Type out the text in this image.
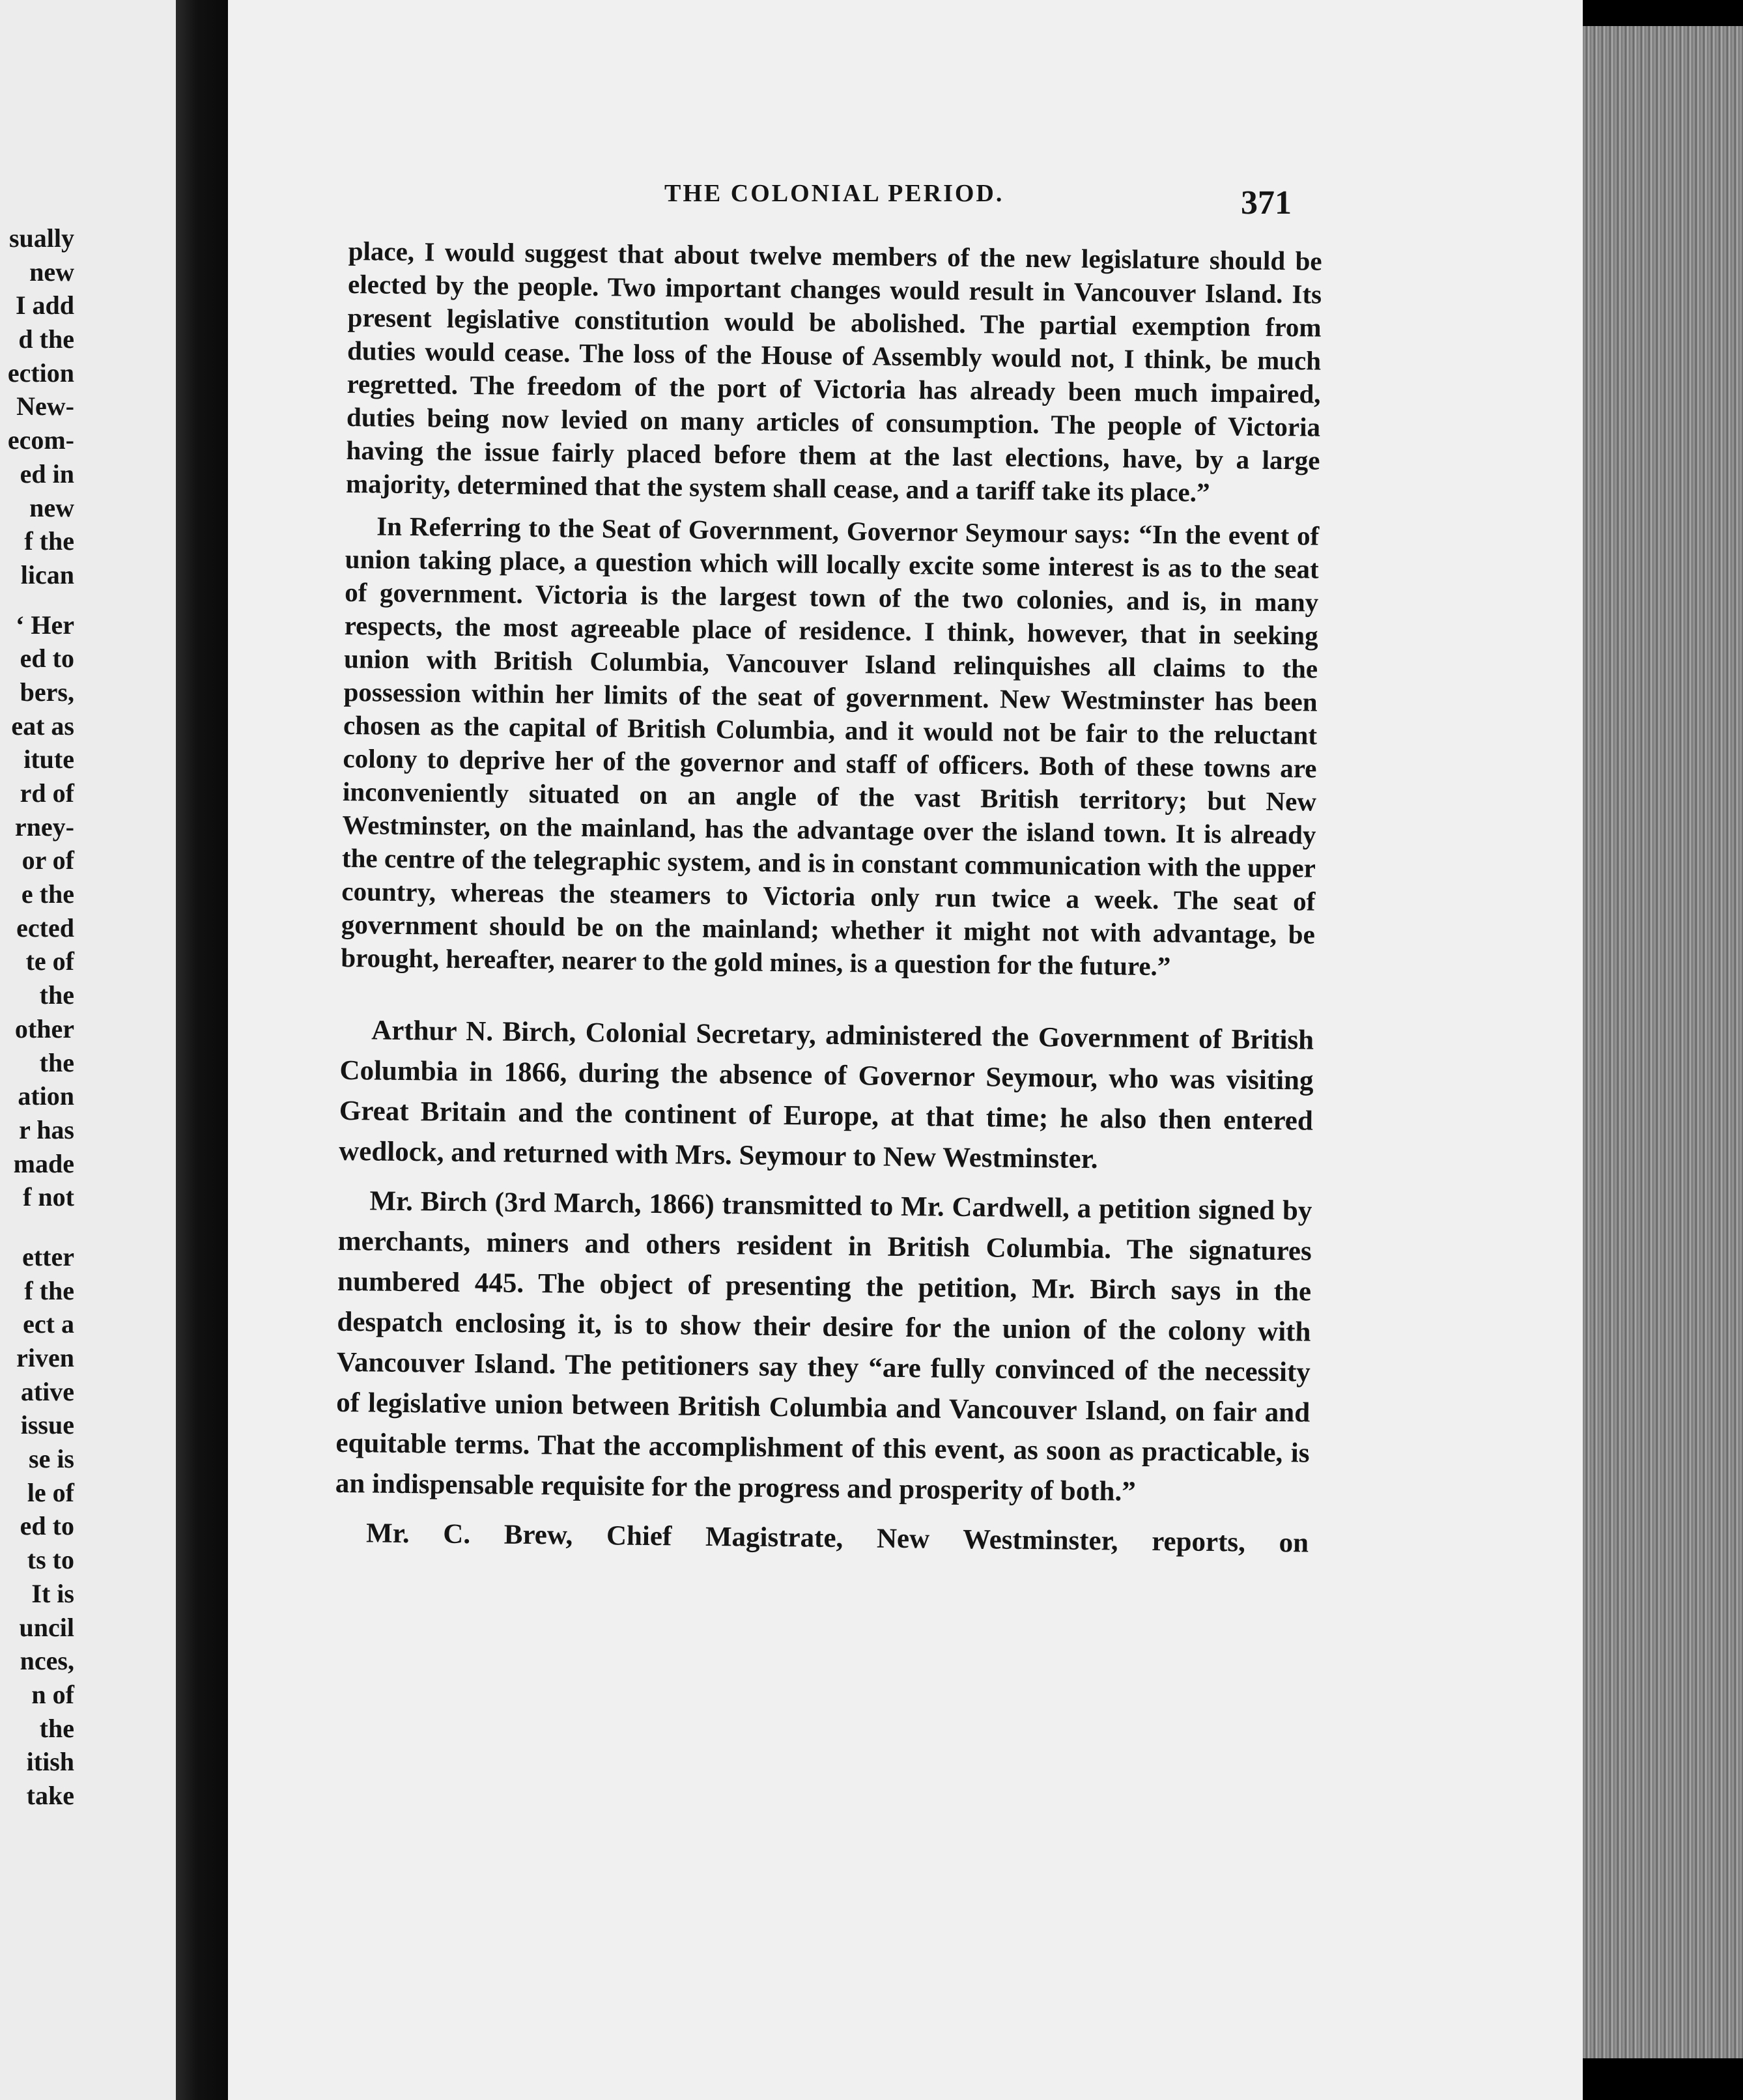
sually
new
I add
d the
ection
New-
ecom-
ed in
new
f the
lican
‘ Her
ed to
bers,
eat as
itute
rd of
rney-
or of
e the
ected
te of
the
other
the
ation
r has
made
f not
etter
f the
ect a
riven
ative
issue
se is
le of
ed to
ts to
It is
uncil
nces,
n of
the
itish
take
THE COLONIAL PERIOD.	371

place, I would suggest that about twelve members of the new legislature should be elected by the people. Two important changes would result in Vancouver Island. Its present legislative constitution would be abolished. The partial exemption from duties would cease. The loss of the House of Assembly would not, I think, be much regretted. The freedom of the port of Victoria has already been much impaired, duties being now levied on many articles of consumption. The people of Victoria having the issue fairly placed before them at the last elections, have, by a large majority, determined that the system shall cease, and a tariff take its place.”

In Referring to the Seat of Government, Governor Seymour says: “In the event of union taking place, a question which will locally excite some interest is as to the seat of government. Victoria is the largest town of the two colonies, and is, in many respects, the most agreeable place of residence. I think, however, that in seeking union with British Columbia, Vancouver Island relinquishes all claims to the possession within her limits of the seat of government. New Westminster has been chosen as the capital of British Columbia, and it would not be fair to the reluctant colony to deprive her of the governor and staff of officers. Both of these towns are inconveniently situated on an angle of the vast British territory; but New Westminster, on the mainland, has the advantage over the island town. It is already the centre of the telegraphic system, and is in constant communication with the upper country, whereas the steamers to Victoria only run twice a week. The seat of government should be on the mainland; whether it might not with advantage, be brought, hereafter, nearer to the gold mines, is a question for the future.”

Arthur N. Birch, Colonial Secretary, administered the Government of British Columbia in 1866, during the absence of Governor Seymour, who was visiting Great Britain and the continent of Europe, at that time; he also then entered wedlock, and returned with Mrs. Seymour to New Westminster.

Mr. Birch (3rd March, 1866) transmitted to Mr. Cardwell, a petition signed by merchants, miners and others resident in British Columbia. The signatures numbered 445. The object of presenting the petition, Mr. Birch says in the despatch enclosing it, is to show their desire for the union of the colony with Vancouver Island. The petitioners say they “are fully convinced of the necessity of legislative union between British Columbia and Vancouver Island, on fair and equitable terms. That the accomplishment of this event, as soon as practicable, is an indispensable requisite for the progress and prosperity of both.”

Mr. C. Brew, Chief Magistrate, New Westminster, reports, on
